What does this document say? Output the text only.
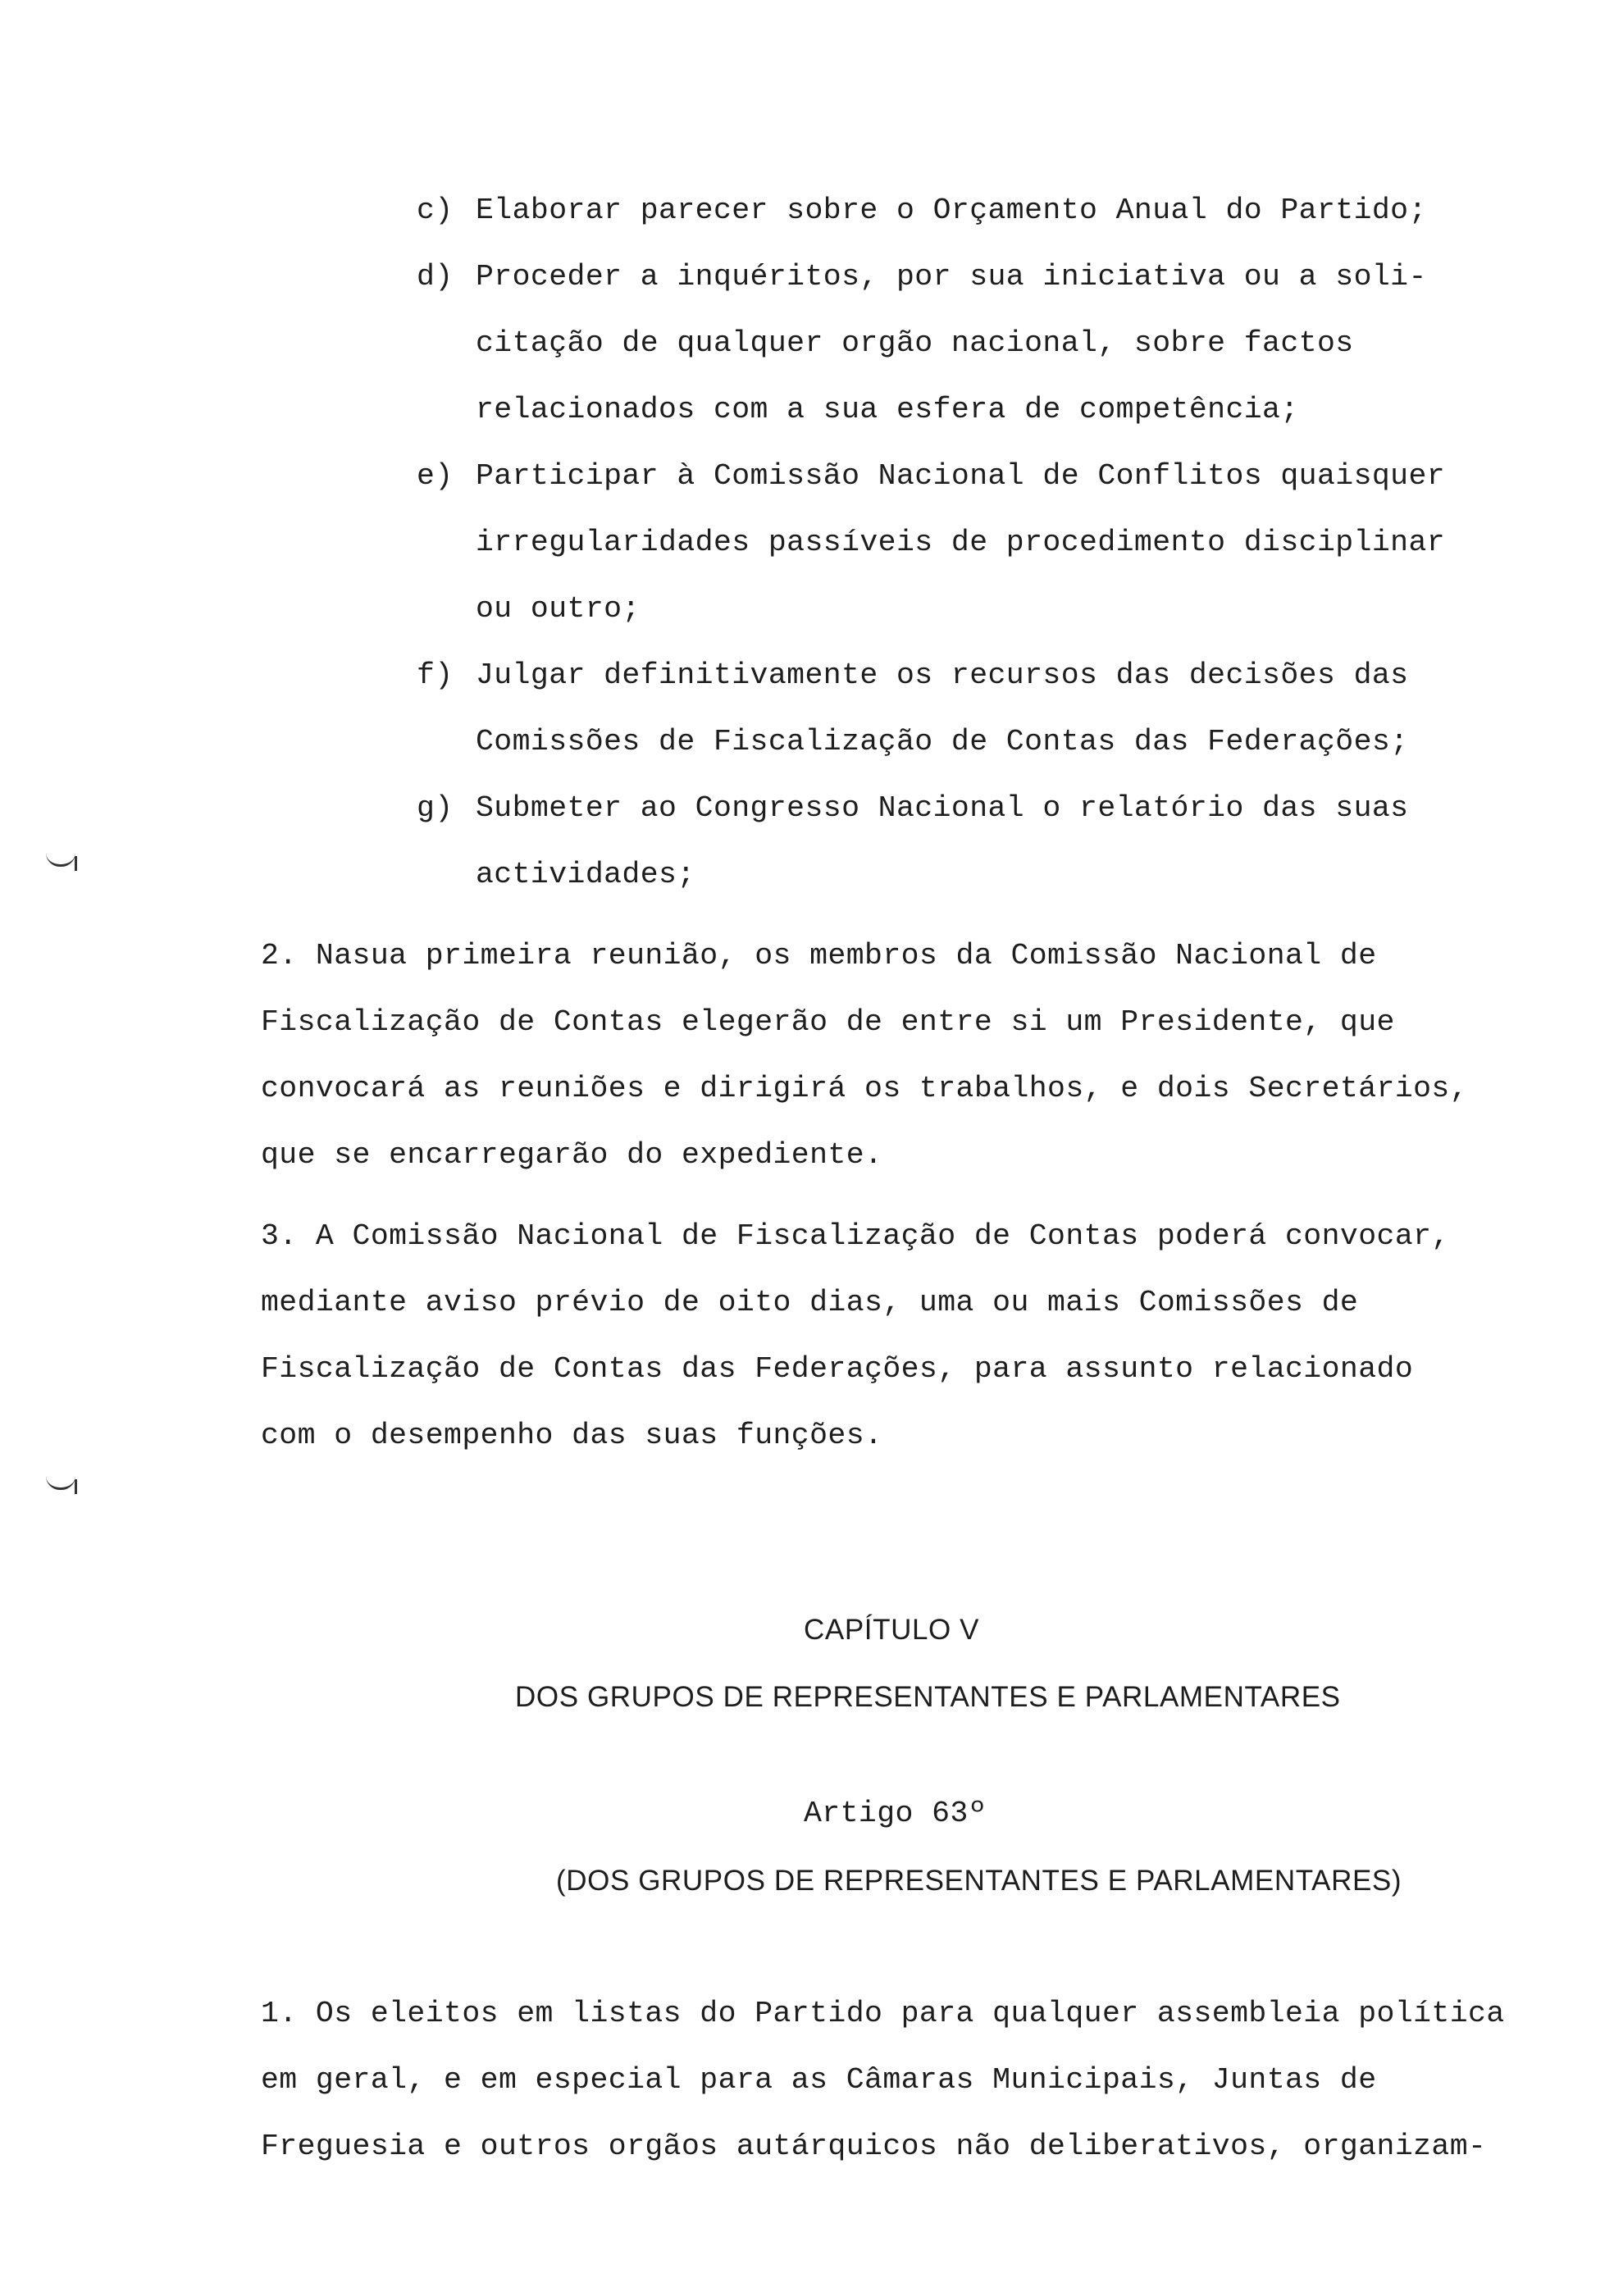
c) Elaborar parecer sobre o Orçamento Anual do Partido;
d) Proceder a inquéritos, por sua iniciativa ou a soli-
citação de qualquer orgão nacional, sobre factos
relacionados com a sua esfera de competência;
e) Participar à Comissão Nacional de Conflitos quaisquer
irregularidades passíveis de procedimento disciplinar
ou outro;
f) Julgar definitivamente os recursos das decisões das
Comissões de Fiscalização de Contas das Federações;
g) Submeter ao Congresso Nacional o relatório das suas
actividades;
2. Nasua primeira reunião, os membros da Comissão Nacional de
Fiscalização de Contas elegerão de entre si um Presidente, que
convocará as reuniões e dirigirá os trabalhos, e dois Secretários,
que se encarregarão do expediente.
3. A Comissão Nacional de Fiscalização de Contas poderá convocar,
mediante aviso prévio de oito dias, uma ou mais Comissões de
Fiscalização de Contas das Federações, para assunto relacionado
com o desempenho das suas funções.
CAPÍTULO V
DOS GRUPOS DE REPRESENTANTES E PARLAMENTARES
Artigo 63º
(DOS GRUPOS DE REPRESENTANTES E PARLAMENTARES)
1. Os eleitos em listas do Partido para qualquer assembleia política
em geral, e em especial para as Câmaras Municipais, Juntas de
Freguesia e outros orgãos autárquicos não deliberativos, organizam-
